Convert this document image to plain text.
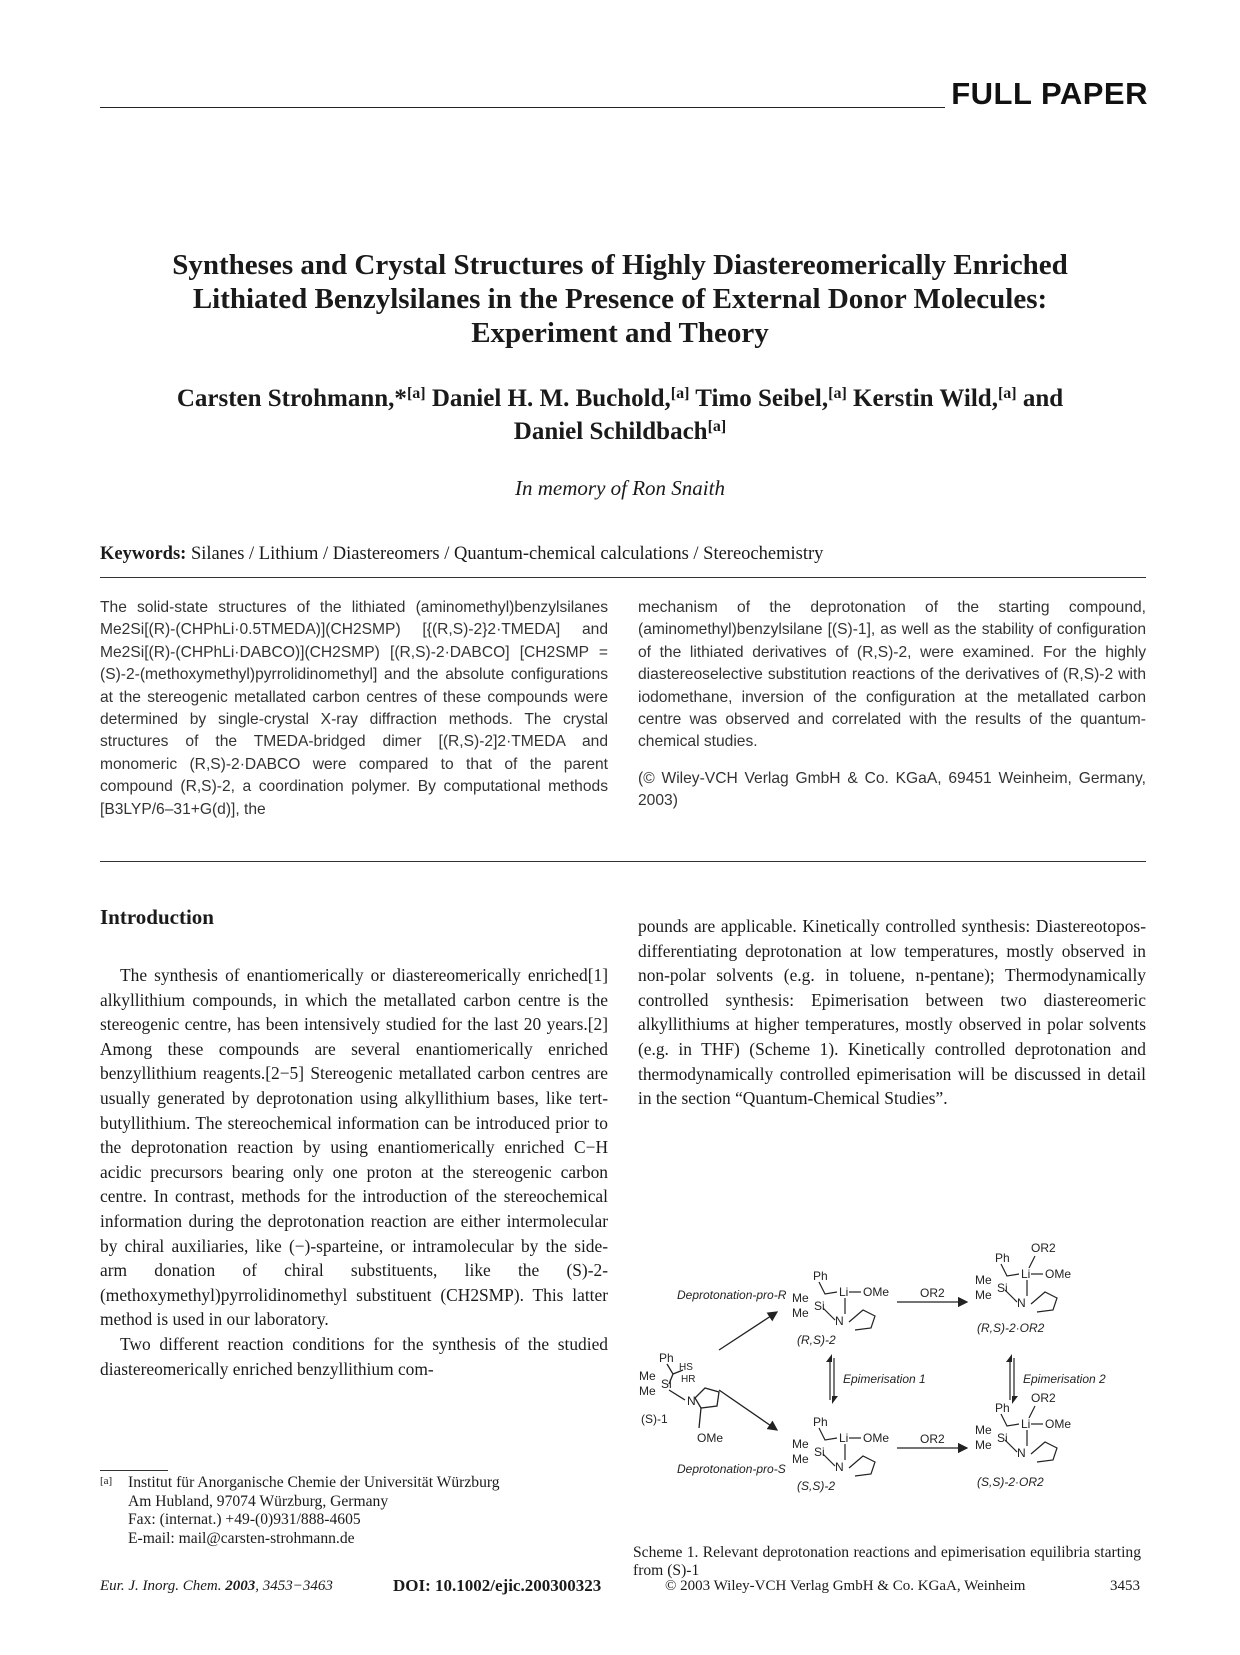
FULL PAPER
Syntheses and Crystal Structures of Highly Diastereomerically Enriched
Lithiated Benzylsilanes in the Presence of External Donor Molecules:
Experiment and Theory
Carsten Strohmann,*[a] Daniel H. M. Buchold,[a] Timo Seibel,[a] Kerstin Wild,[a] and
Daniel Schildbach[a]
In memory of Ron Snaith
Keywords: Silanes / Lithium / Diastereomers / Quantum-chemical calculations / Stereochemistry

The solid-state structures of the lithiated (aminomethyl)benzylsilanes Me2Si[(R)-(CHPhLi·0.5TMEDA)](CH2SMP) [{(R,S)-2}2·TMEDA] and Me2Si[(R)-(CHPhLi·DABCO)](CH2SMP) [(R,S)-2·DABCO] [CH2SMP = (S)-2-(methoxymethyl)pyrrolidinomethyl] and the absolute configurations at the stereogenic metallated carbon centres of these compounds were determined by single-crystal X-ray diffraction methods. The crystal structures of the TMEDA-bridged dimer [(R,S)-2]2·TMEDA and monomeric (R,S)-2·DABCO were compared to that of the parent compound (R,S)-2, a coordination polymer. By computational methods [B3LYP/6–31+G(d)], the

mechanism of the deprotonation of the starting compound, (aminomethyl)benzylsilane [(S)-1], as well as the stability of configuration of the lithiated derivatives of (R,S)-2, were examined. For the highly diastereoselective substitution reactions of the derivatives of (R,S)-2 with iodomethane, inversion of the configuration at the metallated carbon centre was observed and correlated with the results of the quantum-chemical studies.

(© Wiley-VCH Verlag GmbH & Co. KGaA, 69451 Weinheim, Germany, 2003)

Introduction

The synthesis of enantiomerically or diastereomerically enriched[1] alkyllithium compounds, in which the metallated carbon centre is the stereogenic centre, has been intensively studied for the last 20 years.[2] Among these compounds are several enantiomerically enriched benzyllithium reagents.[2−5] Stereogenic metallated carbon centres are usually generated by deprotonation using alkyllithium bases, like tert-butyllithium. The stereochemical information can be introduced prior to the deprotonation reaction by using enantiomerically enriched C−H acidic precursors bearing only one proton at the stereogenic carbon centre. In contrast, methods for the introduction of the stereochemical information during the deprotonation reaction are either intermolecular by chiral auxiliaries, like (−)-sparteine, or intramolecular by the side-arm donation of chiral substituents, like the (S)-2-(methoxymethyl)pyrrolidinomethyl substituent (CH2SMP). This latter method is used in our laboratory.

Two different reaction conditions for the synthesis of the studied diastereomerically enriched benzyllithium com-

pounds are applicable. Kinetically controlled synthesis: Diastereotopos-differentiating deprotonation at low temperatures, mostly observed in non-polar solvents (e.g. in toluene, n-pentane); Thermodynamically controlled synthesis: Epimerisation between two diastereomeric alkyllithiums at higher temperatures, mostly observed in polar solvents (e.g. in THF) (Scheme 1). Kinetically controlled deprotonation and thermodynamically controlled epimerisation will be discussed in detail in the section “Quantum-Chemical Studies”.

[a] Institut für Anorganische Chemie der Universität Würzburg
Am Hubland, 97074 Würzburg, Germany
Fax: (internat.) +49-(0)931/888-4605
E-mail: mail@carsten-strohmann.de
Ph
HS
HR
Me
Me Si
N
OMe
(S)-1
Deprotonation-pro-R
Deprotonation-pro-S
OR2
OR2
Ph
Me
Me Si
Li
N
OMe
(R,S)-2
Ph
Me
Me Si
Li
N
OMe
(S,S)-2
OR2
Ph
Me
Me Si
Li
N
OMe
(R,S)-2·OR2
OR2
Ph
Me
Me Si
Li
N
OMe
(S,S)-2·OR2
Epimerisation 1	Epimerisation 2
Scheme 1. Relevant deprotonation reactions and epimerisation equilibria starting from (S)-1
Eur. J. Inorg. Chem. 2003, 3453−3463	DOI: 10.1002/ejic.200300323	© 2003 Wiley-VCH Verlag GmbH & Co. KGaA, Weinheim	3453
